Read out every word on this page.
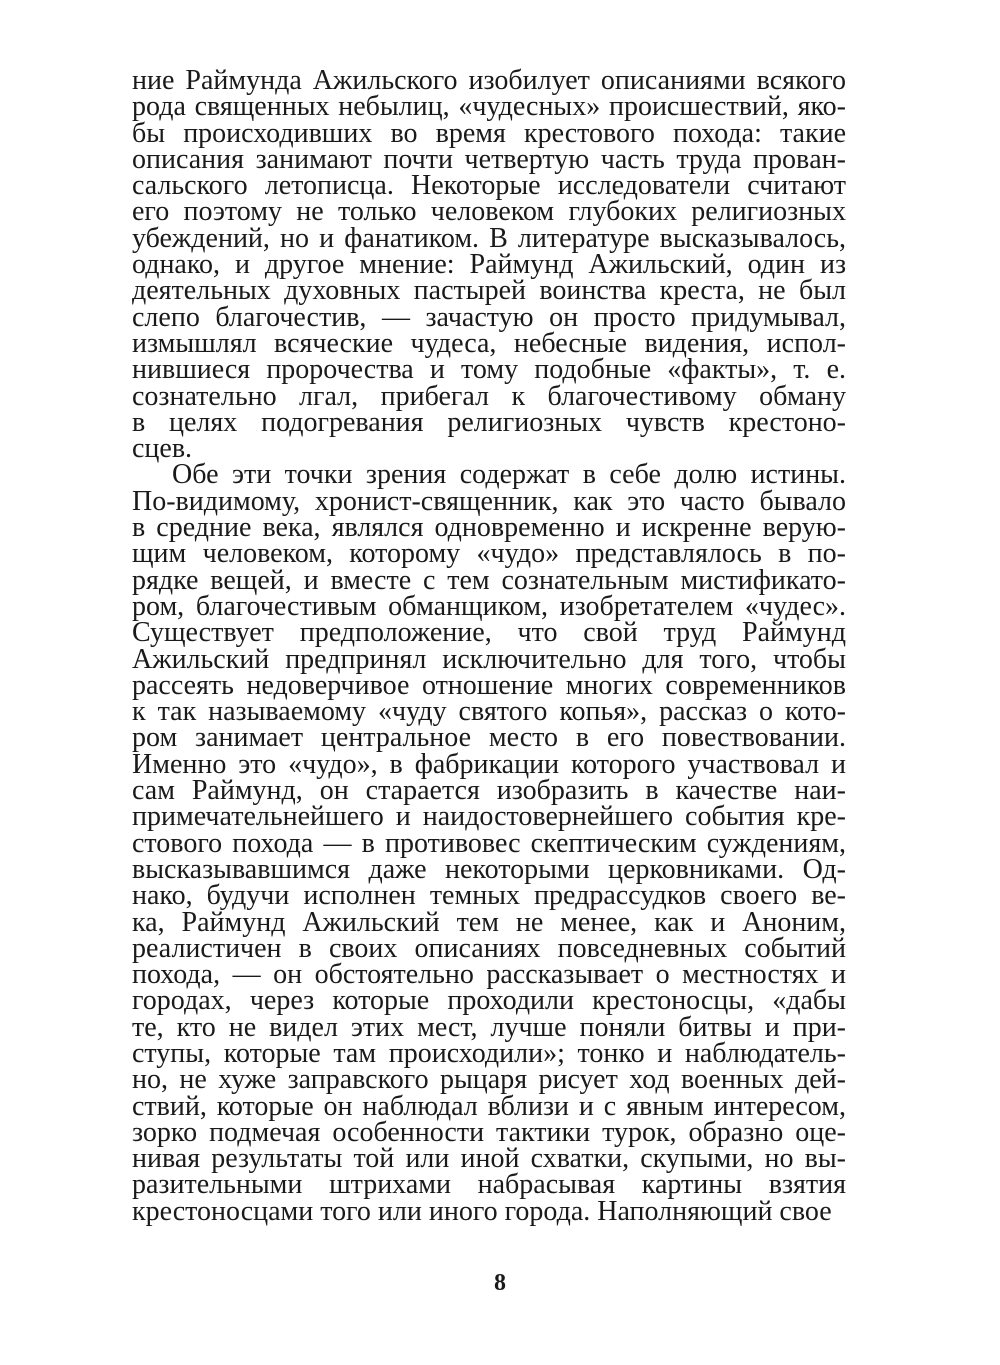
ние Раймунда Ажильского изобилует описаниями всякого
рода священных небылиц, «чудесных» происшествий, яко-
бы происходивших во время крестового похода: такие
описания занимают почти четвертую часть труда провaн-
сальского летописца. Некоторые исследователи считают
его поэтому не только человеком глубоких религиозных
убеждений, но и фанатиком. В литературе высказывалось,
однако, и другое мнение: Раймунд Ажильский, один из
деятельных духовных пастырей воинства креста, не был
слепо благочестив, — зачастую он просто придумывал,
измышлял всяческие чудеса, небесные видения, испол-
нившиеся пророчества и тому подобные «факты», т. е.
сознательно лгал, прибегал к благочестивому обману
в целях подогревания религиозных чувств крестоно-
сцев.
Обе эти точки зрения содержат в себе долю истины.
По-видимому, хронист-священник, как это часто бывало
в средние века, являлся одновременно и искренне верую-
щим человеком, которому «чудо» представлялось в по-
рядке вещей, и вместе с тем сознательным мистификато-
ром, благочестивым обманщиком, изобретателем «чудес».
Существует предположение, что свой труд Раймунд
Ажильский предпринял исключительно для того, чтобы
рассеять недоверчивое отношение многих современников
к так называемому «чуду святого копья», рассказ о кото-
ром занимает центральное место в его повествовании.
Именно это «чудо», в фабрикации которого участвовал и
сам Раймунд, он старается изобразить в качестве наи-
примечательнейшего и наидостовернейшего события кре-
стового похода — в противовес скептическим суждениям,
высказывавшимся даже некоторыми церковниками. Од-
нако, будучи исполнен темных предрассудков своего ве-
ка, Раймунд Ажильский тем не менее, как и Аноним,
реалистичен в своих описаниях повседневных событий
похода, — он обстоятельно рассказывает о местностях и
городах, через которые проходили крестоносцы, «дабы
те, кто не видел этих мест, лучше поняли битвы и при-
ступы, которые там происходили»; тонко и наблюдатель-
но, не хуже заправского рыцаря рисует ход военных дей-
ствий, которые он наблюдал вблизи и с явным интересом,
зорко подмечая особенности тактики турок, образно оце-
нивая результаты той или иной схватки, скупыми, но вы-
разительными штрихами набрасывая картины взятия
крестоносцами того или иного города. Наполняющий свое
8
